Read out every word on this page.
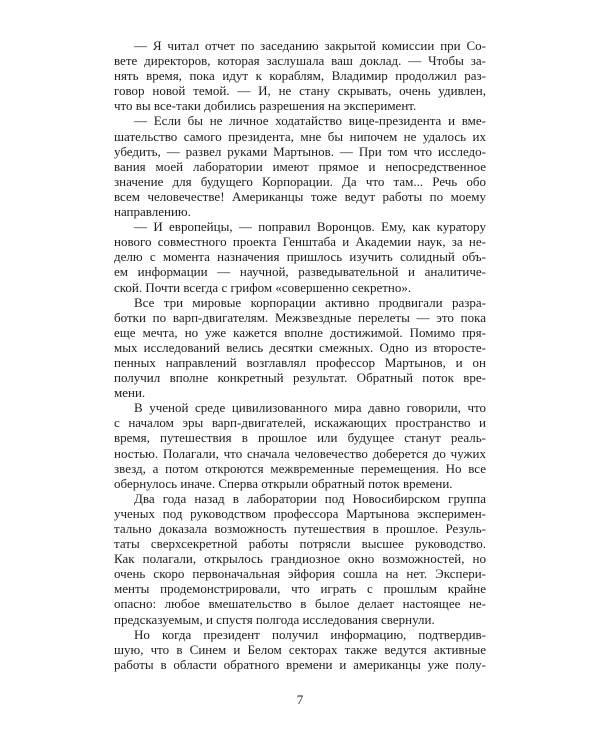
— Я читал отчет по заседанию закрытой комиссии при Со-
вете директоров, которая заслушала ваш доклад. — Чтобы за-
нять время, пока идут к кораблям, Владимир продолжил раз-
говор новой темой. — И, не стану скрывать, очень удивлен,
что вы все-таки добились разрешения на эксперимент.
— Если бы не личное ходатайство вице-президента и вме-
шательство самого президента, мне бы нипочем не удалось их
убедить, — развел руками Мартынов. — При том что исследо-
вания моей лаборатории имеют прямое и непосредственное
значение для будущего Корпорации. Да что там... Речь обо
всем человечестве! Американцы тоже ведут работы по моему
направлению.
— И европейцы, — поправил Воронцов. Ему, как куратору
нового совместного проекта Генштаба и Академии наук, за не-
делю с момента назначения пришлось изучить солидный объ-
ем информации — научной, разведывательной и аналитиче-
ской. Почти всегда с грифом «совершенно секретно».
Все три мировые корпорации активно продвигали разра-
ботки по варп-двигателям. Межзвездные перелеты — это пока
еще мечта, но уже кажется вполне достижимой. Помимо пря-
мых исследований велись десятки смежных. Одно из второсте-
пенных направлений возглавлял профессор Мартынов, и он
получил вполне конкретный результат. Обратный поток вре-
мени.
В ученой среде цивилизованного мира давно говорили, что
с началом эры варп-двигателей, искажающих пространство и
время, путешествия в прошлое или будущее станут реаль-
ностью. Полагали, что сначала человечество доберется до чужих
звезд, а потом откроются межвременные перемещения. Но все
обернулось иначе. Сперва открыли обратный поток времени.
Два года назад в лаборатории под Новосибирском группа
ученых под руководством профессора Мартынова эксперимен-
тально доказала возможность путешествия в прошлое. Резуль-
таты сверхсекретной работы потрясли высшее руководство.
Как полагали, открылось грандиозное окно возможностей, но
очень скоро первоначальная эйфория сошла на нет. Экспери-
менты продемонстрировали, что играть с прошлым крайне
опасно: любое вмешательство в былое делает настоящее не-
предсказуемым, и спустя полгода исследования свернули.
Но когда президент получил информацию, подтвердив-
шую, что в Синем и Белом секторах также ведутся активные
работы в области обратного времени и американцы уже полу-
7
